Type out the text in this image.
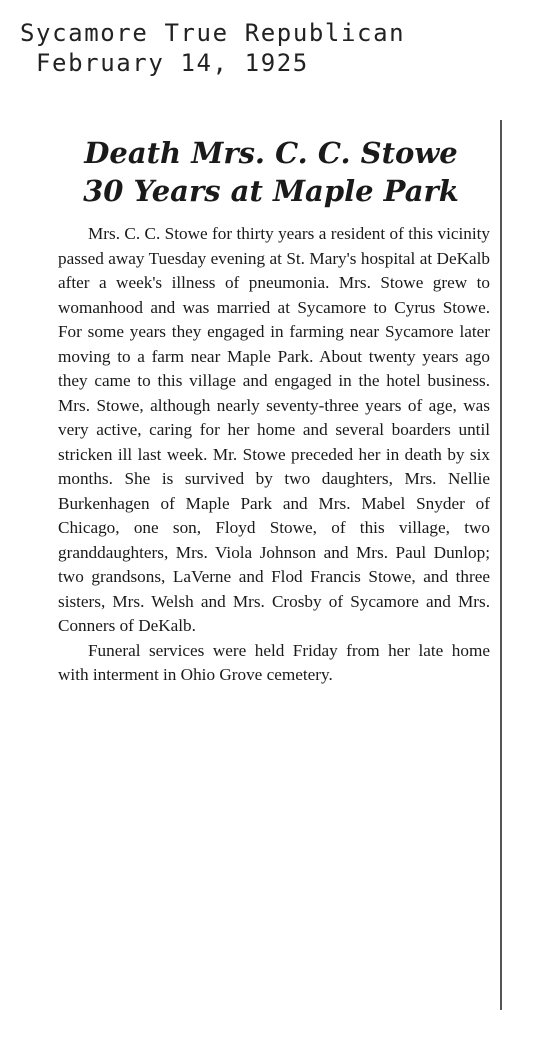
Sycamore True Republican
February 14, 1925
Death Mrs. C. C. Stowe
30 Years at Maple Park

Mrs. C. C. Stowe for thirty years a resident of this vicinity passed away Tuesday evening at St. Mary's hospital at DeKalb after a week's illness of pneumonia. Mrs. Stowe grew to womanhood and was married at Sycamore to Cyrus Stowe. For some years they engaged in farming near Sycamore later moving to a farm near Maple Park. About twenty years ago they came to this village and engaged in the hotel business. Mrs. Stowe, although nearly seventy-three years of age, was very active, caring for her home and several boarders until stricken ill last week. Mr. Stowe preceded her in death by six months. She is survived by two daughters, Mrs. Nellie Burkenhagen of Maple Park and Mrs. Mabel Snyder of Chicago, one son, Floyd Stowe, of this village, two granddaughters, Mrs. Viola Johnson and Mrs. Paul Dunlop; two grandsons, LaVerne and Flod Francis Stowe, and three sisters, Mrs. Welsh and Mrs. Crosby of Sycamore and Mrs. Conners of DeKalb.

Funeral services were held Friday from her late home with interment in Ohio Grove cemetery.
